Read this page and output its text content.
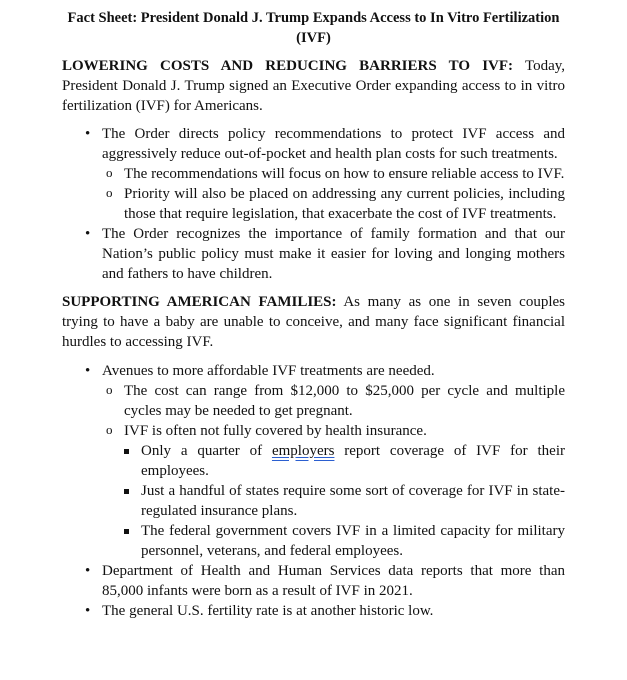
Fact Sheet: President Donald J. Trump Expands Access to In Vitro Fertilization (IVF)

LOWERING COSTS AND REDUCING BARRIERS TO IVF: Today, President Donald J. Trump signed an Executive Order expanding access to in vitro fertilization (IVF) for Americans.

• The Order directs policy recommendations to protect IVF access and aggressively reduce out-of-pocket and health plan costs for such treatments.
o The recommendations will focus on how to ensure reliable access to IVF.
o Priority will also be placed on addressing any current policies, including those that require legislation, that exacerbate the cost of IVF treatments.
• The Order recognizes the importance of family formation and that our Nation’s public policy must make it easier for loving and longing mothers and fathers to have children.

SUPPORTING AMERICAN FAMILIES: As many as one in seven couples trying to have a baby are unable to conceive, and many face significant financial hurdles to accessing IVF.

• Avenues to more affordable IVF treatments are needed.
o The cost can range from $12,000 to $25,000 per cycle and multiple cycles may be needed to get pregnant.
o IVF is often not fully covered by health insurance.
Only a quarter of employers report coverage of IVF for their employees.
Just a handful of states require some sort of coverage for IVF in state-regulated insurance plans.
The federal government covers IVF in a limited capacity for military personnel, veterans, and federal employees.
• Department of Health and Human Services data reports that more than 85,000 infants were born as a result of IVF in 2021.
• The general U.S. fertility rate is at another historic low.
